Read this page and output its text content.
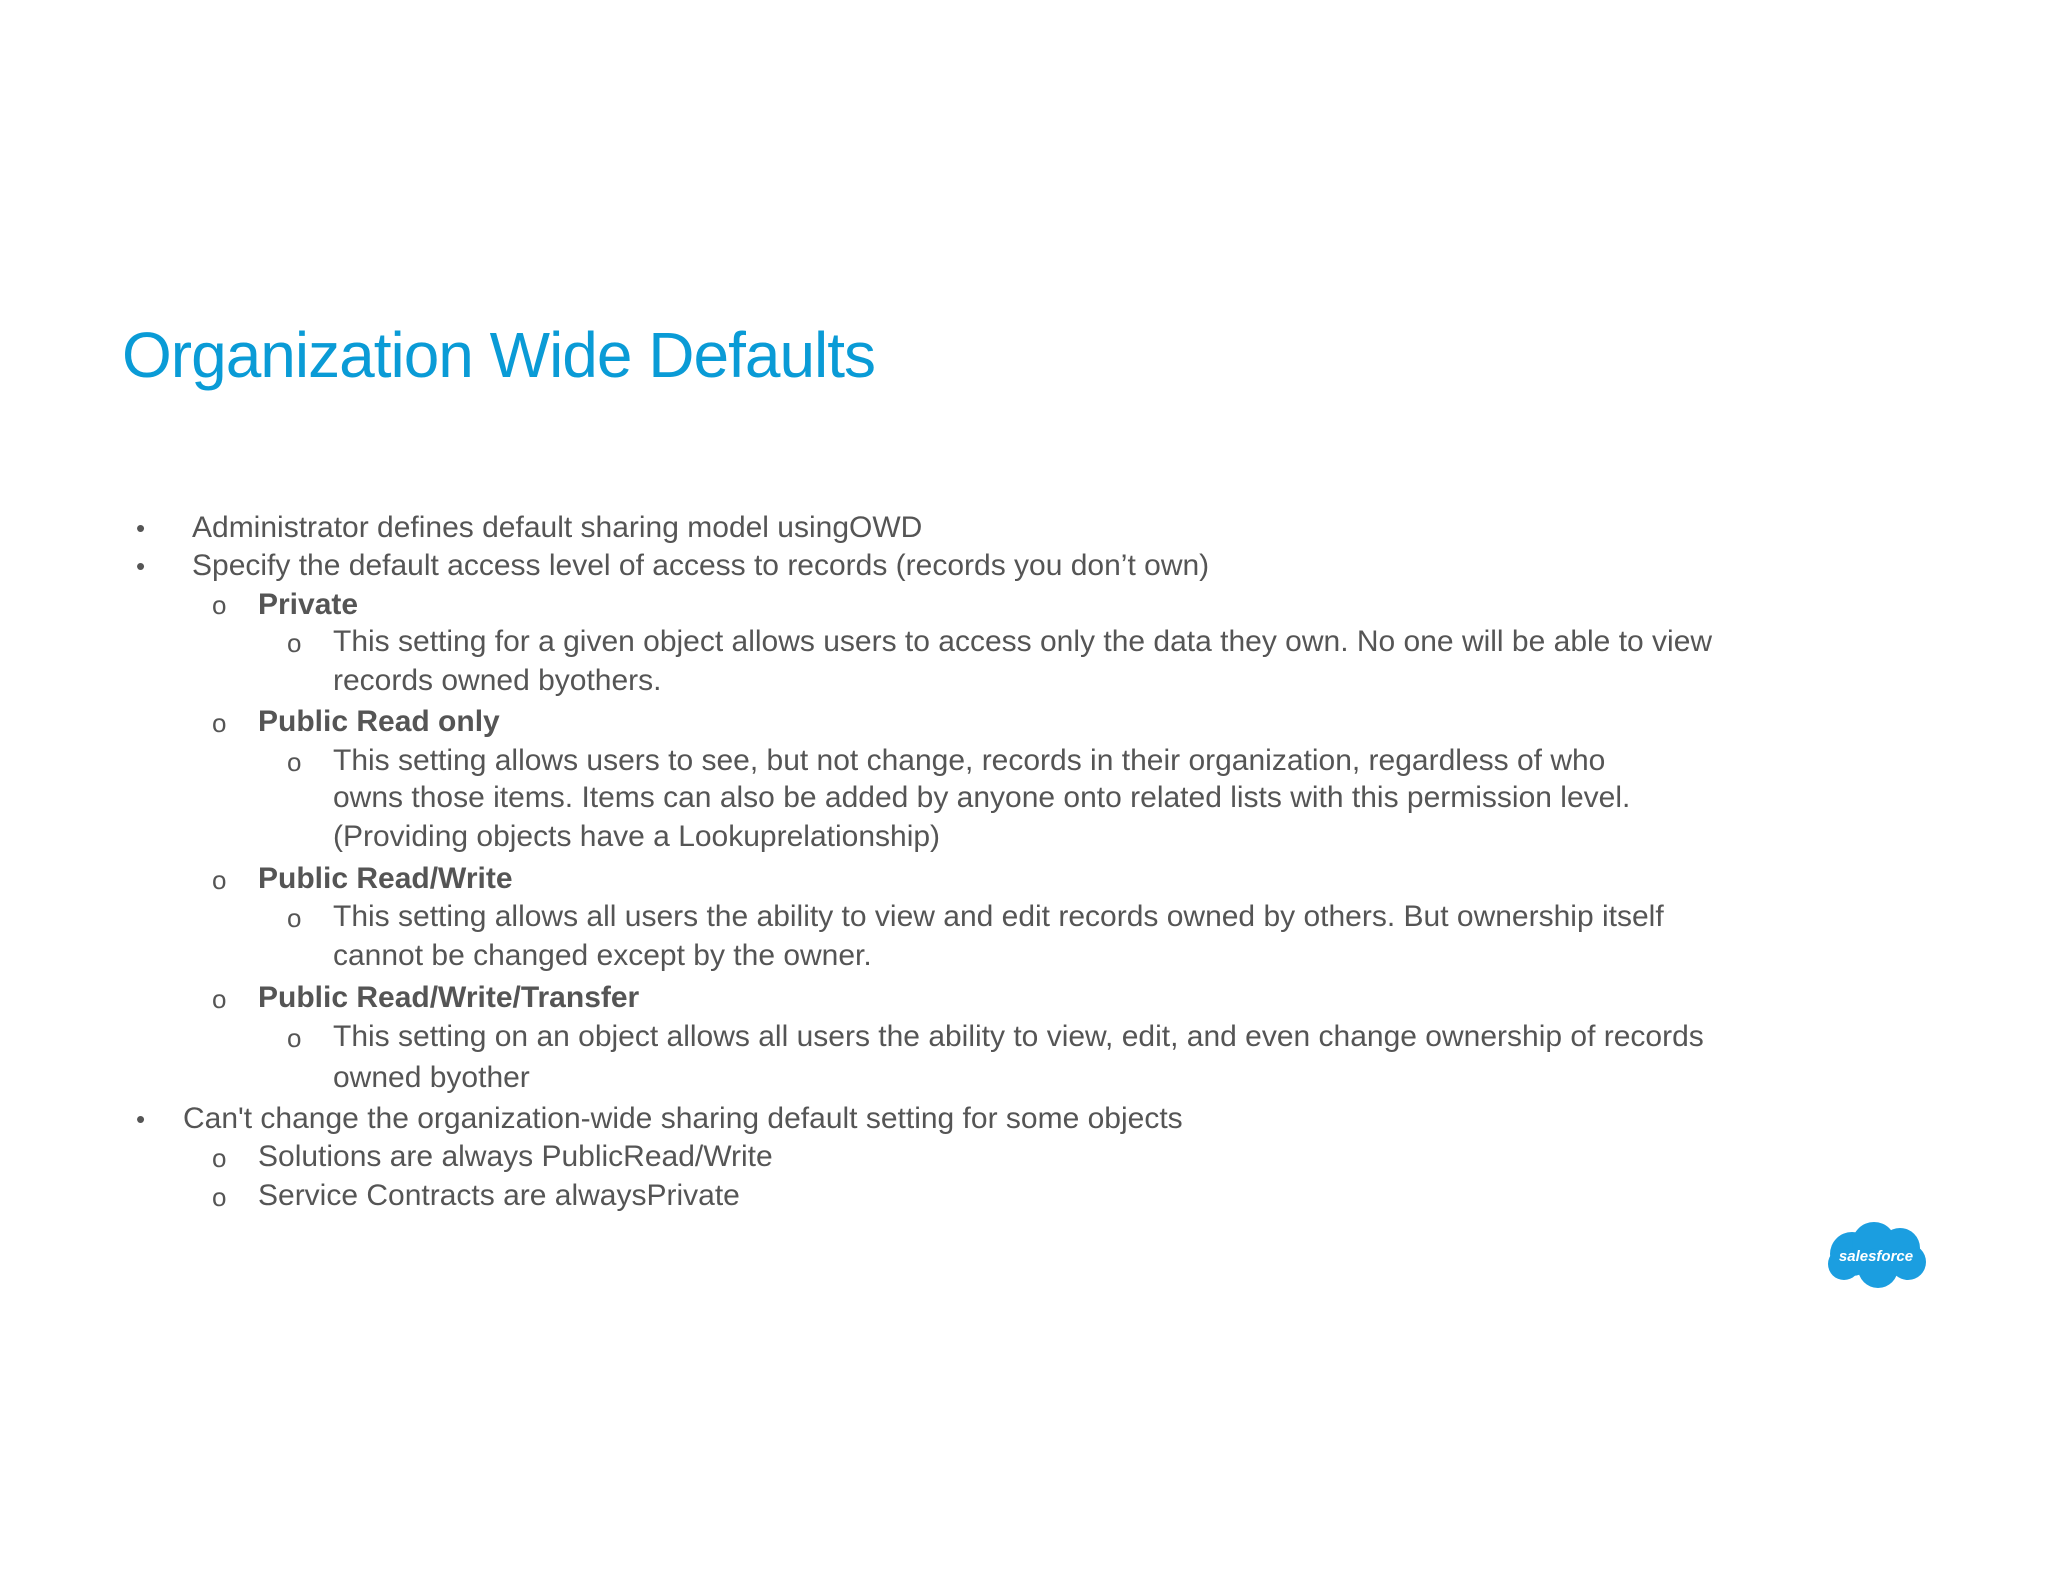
Organization Wide Defaults
• Administrator defines default sharing model usingOWD
• Specify the default access level of access to records (records you don’t own)
o Private
o This setting for a given object allows users to access only the data they own. No one will be able to view
records owned byothers.
o Public Read only
o This setting allows users to see, but not change, records in their organization, regardless of who
owns those items. Items can also be added by anyone onto related lists with this permission level.
(Providing objects have a Lookuprelationship)
o Public Read/Write
o This setting allows all users the ability to view and edit records owned by others. But ownership itself
cannot be changed except by the owner.
o Public Read/Write/Transfer
o This setting on an object allows all users the ability to view, edit, and even change ownership of records
owned byother
• Can't change the organization-wide sharing default setting for some objects
o Solutions are always PublicRead/Write
o Service Contracts are alwaysPrivate
salesforce
